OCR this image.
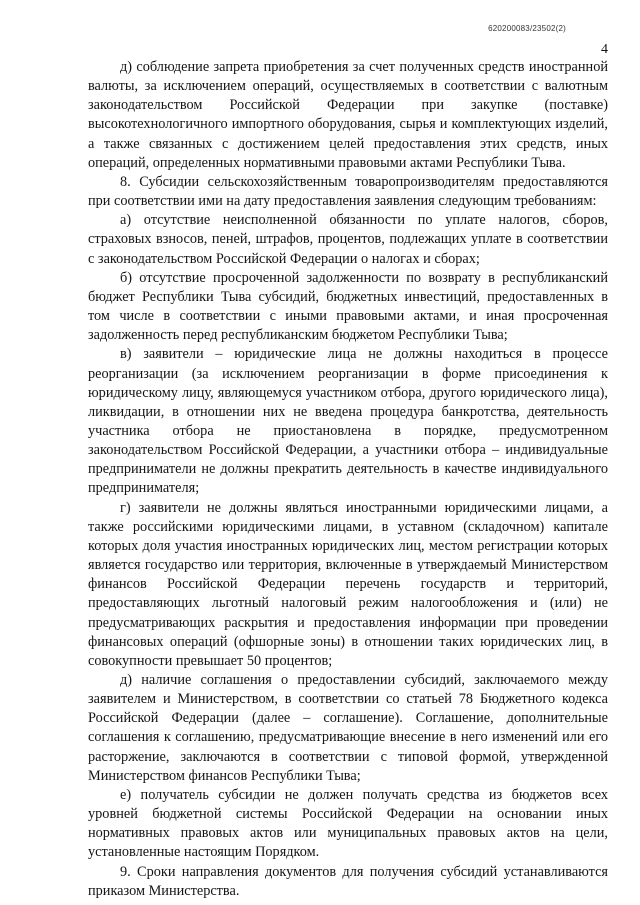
620200083/23502(2)
4

д) соблюдение запрета приобретения за счет полученных средств иностранной валюты, за исключением операций, осуществляемых в соответствии с валютным законодательством Российской Федерации при закупке (поставке) высокотехнологичного импортного оборудования, сырья и комплектующих изделий, а также связанных с достижением целей предоставления этих средств, иных операций, определенных нормативными правовыми актами Республики Тыва.

8. Субсидии сельскохозяйственным товаропроизводителям предоставляются при соответствии ими на дату предоставления заявления следующим требованиям:

а) отсутствие неисполненной обязанности по уплате налогов, сборов, страховых взносов, пеней, штрафов, процентов, подлежащих уплате в соответствии с законодательством Российской Федерации о налогах и сборах;

б) отсутствие просроченной задолженности по возврату в республиканский бюджет Республики Тыва субсидий, бюджетных инвестиций, предоставленных в том числе в соответствии с иными правовыми актами, и иная просроченная задолженность перед республиканским бюджетом Республики Тыва;

в) заявители – юридические лица не должны находиться в процессе реорганизации (за исключением реорганизации в форме присоединения к юридическому лицу, являющемуся участником отбора, другого юридического лица), ликвидации, в отношении них не введена процедура банкротства, деятельность участника отбора не приостановлена в порядке, предусмотренном законодательством Российской Федерации, а участники отбора – индивидуальные предприниматели не должны прекратить деятельность в качестве индивидуального предпринимателя;

г) заявители не должны являться иностранными юридическими лицами, а также российскими юридическими лицами, в уставном (складочном) капитале которых доля участия иностранных юридических лиц, местом регистрации которых является государство или территория, включенные в утверждаемый Министерством финансов Российской Федерации перечень государств и территорий, предоставляющих льготный налоговый режим налогообложения и (или) не предусматривающих раскрытия и предоставления информации при проведении финансовых операций (офшорные зоны) в отношении таких юридических лиц, в совокупности превышает 50 процентов;

д) наличие соглашения о предоставлении субсидий, заключаемого между заявителем и Министерством, в соответствии со статьей 78 Бюджетного кодекса Российской Федерации (далее – соглашение). Соглашение, дополнительные соглашения к соглашению, предусматривающие внесение в него изменений или его расторжение, заключаются в соответствии с типовой формой, утвержденной Министерством финансов Республики Тыва;

е) получатель субсидии не должен получать средства из бюджетов всех уровней бюджетной системы Российской Федерации на основании иных нормативных правовых актов или муниципальных правовых актов на цели, установленные настоящим Порядком.

9. Сроки направления документов для получения субсидий устанавливаются приказом Министерства.
